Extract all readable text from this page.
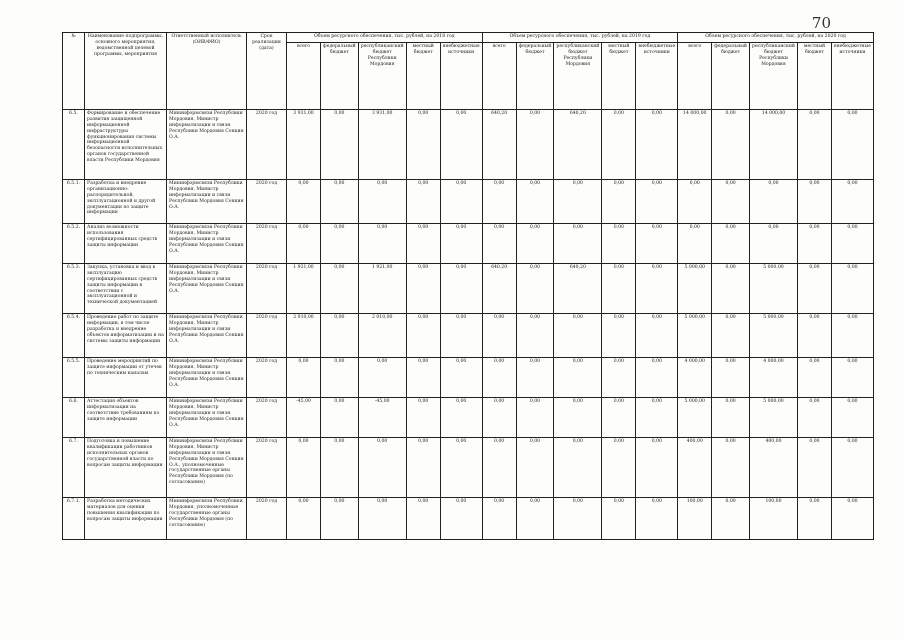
70
№	Наименование подпрограммы, основного мероприятия, ведомственной целевой программы, мероприятия	Ответственный исполнитель (ОИВ/ФИО)	Срок реализации (дата)	Объем ресурсного обеспечения, тыс. рублей, на 2018 год					Объем ресурсного обеспечения, тыс. рублей, на 2019 год					Объем ресурсного обеспечения, тыс. рублей, на 2020 год				
				всего	федеральный бюджет	республиканский бюджет Республики Мордовия	местный бюджет	внебюджетные источники	всего	федеральный бюджет	республиканский бюджет Республики Мордовия	местный бюджет	внебюджетные источники	всего	федеральный бюджет	республиканский бюджет Республики Мордовия	местный бюджет	внебюджетные источники
6.5.	Формирование и обеспечение развития защищенной информационной инфраструктуры функционирования системы информационной безопасности исполнительных органов государственной власти Республики Мордовия	Мининформсвязи Республики Мордовия, Министр информатизации и связи Республики Мордовия Сонкин О.А.	2020 год	3 931,00	0,00	3 931,00	0,00	0,00	640,20	0,00	640,20	0,00	0,00	14 000,00	0,00	14 000,00	0,00	0,00
6.5.1.	Разработка и внедрение организационно-распорядительной, эксплуатационной и другой документации по защите информации	Мининформсвязи Республики Мордовия, Министр информатизации и связи Республики Мордовия Сонкин О.А.	2020 год	0,00	0,00	0,00	0,00	0,00	0,00	0,00	0,00	0,00	0,00	0,00	0,00	0,00	0,00	0,00
6.5.2.	Анализ возможности использования сертифицированных средств защиты информации	Мининформсвязи Республики Мордовия, Министр информатизации и связи Республики Мордовия Сонкин О.А.	2020 год	0,00	0,00	0,00	0,00	0,00	0,00	0,00	0,00	0,00	0,00	0,00	0,00	0,00	0,00	0,00
6.5.3.	Закупка, установка и ввод в эксплуатацию сертифицированных средств защиты информации в соответствии с эксплуатационной и технической документацией	Мининформсвязи Республики Мордовия, Министр информатизации и связи Республики Мордовия Сонкин О.А.	2020 год	1 921,00	0,00	1 921,00	0,00	0,00	640,20	0,00	640,20	0,00	0,00	5 000,00	0,00	5 000,00	0,00	0,00
6.5.4.	Проведение работ по защите информации, в том числе разработка и внедрение объектов информатизации и на системы защиты информации	Мининформсвязи Республики Мордовия, Министр информатизации и связи Республики Мордовия Сонкин О.А.	2020 год	2 010,00	0,00	2 010,00	0,00	0,00	0,00	0,00	0,00	0,00	0,00	5 000,00	0,00	5 000,00	0,00	0,00
6.5.5.	Проведение мероприятий по защите информации от утечек по техническим каналам	Мининформсвязи Республики Мордовия, Министр информатизации и связи Республики Мордовия Сонкин О.А.	2020 год	0,00	0,00	0,00	0,00	0,00	0,00	0,00	0,00	0,00	0,00	4 000,00	0,00	4 000,00	0,00	0,00
6.6.	Аттестация объектов информатизации на соответствие требованиям по защите информации	Мининформсвязи Республики Мордовия, Министр информатизации и связи Республики Мордовия Сонкин О.А.	2020 год	-45,00	0,00	-45,00	0,00	0,00	0,00	0,00	0,00	0,00	0,00	5 000,00	0,00	5 000,00	0,00	0,00
6.7.	Подготовка и повышение квалификации работников исполнительных органов государственной власти по вопросам защиты информации	Мининформсвязи Республики Мордовия, Министр информатизации и связи Республики Мордовия Сонкин О.А., уполномоченные государственные органы Республики Мордовия (по согласованию)	2020 год	0,00	0,00	0,00	0,00	0,00	0,00	0,00	0,00	0,00	0,00	400,00	0,00	400,00	0,00	0,00
6.7.1.	Разработка методических материалов для оценки повышения квалификации по вопросам защиты информации	Мининформсвязи Республики Мордовия, уполномоченные государственные органы Республики Мордовия (по согласованию)	2020 год	0,00	0,00	0,00	0,00	0,00	0,00	0,00	0,00	0,00	0,00	100,00	0,00	100,00	0,00	0,00
